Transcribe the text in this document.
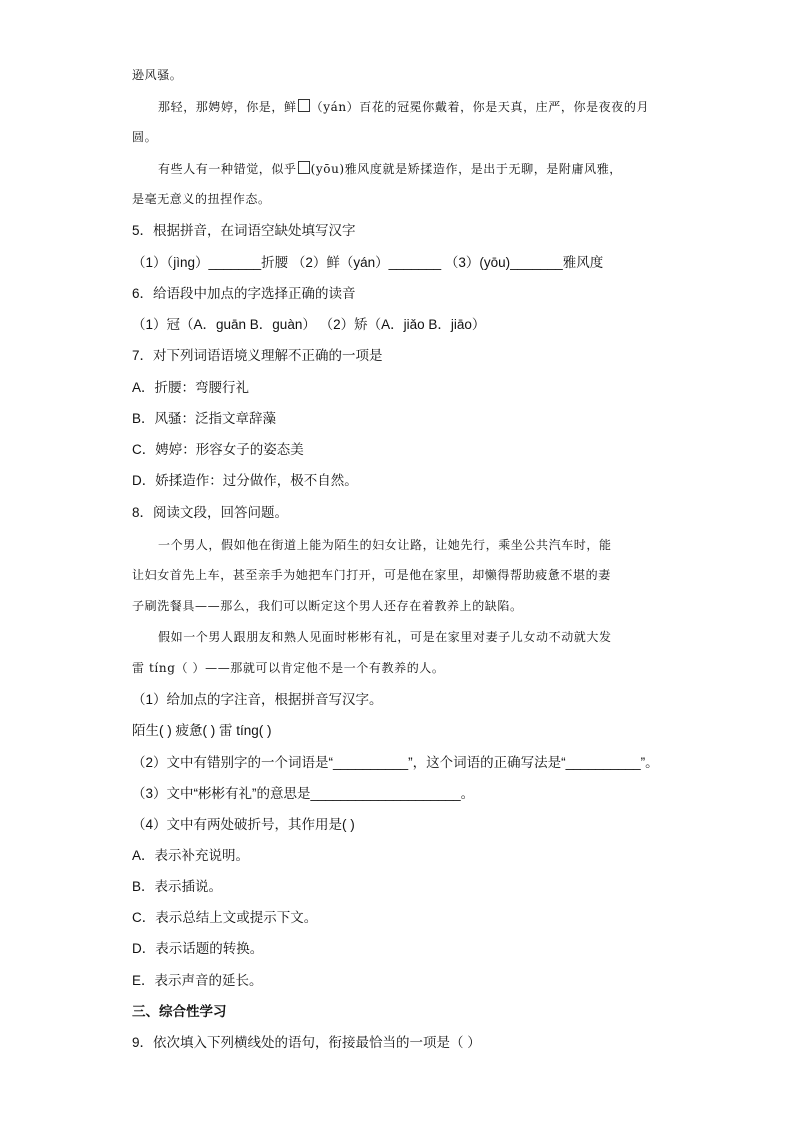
逊风骚。

那轻，那娉婷，你是，鲜 （yán）百花的冠冕你戴着，你是天真，庄严，你是夜夜的月

圆。

有些人有一种错觉，似乎 (yōu)雅风度就是矫揉造作，是出于无聊，是附庸风雅，

是毫无意义的扭捏作态。

5．根据拼音，在词语空缺处填写汉字

（1）（jìng）_______折腰 （2）鲜（yán）_______ （3）(yōu)_______雅风度

6．给语段中加点的字选择正确的读音

（1）冠（A．guān B．guàn） （2）矫（A．jiǎo B．jiāo）

7．对下列词语语境义理解不正确的一项是

A．折腰：弯腰行礼

B．风骚：泛指文章辞藻

C．娉婷：形容女子的姿态美

D．娇揉造作：过分做作，极不自然。

8．阅读文段，回答问题。

一个男人，假如他在街道上能为陌生的妇女让路，让她先行，乘坐公共汽车时，能

让妇女首先上车，甚至亲手为她把车门打开，可是他在家里，却懒得帮助疲惫不堪的妻

子刷洗餐具——那么，我们可以断定这个男人还存在着教养上的缺陷。

假如一个男人跟朋友和熟人见面时彬彬有礼，可是在家里对妻子儿女动不动就大发

雷 tíng（ ）——那就可以肯定他不是一个有教养的人。

（1）给加点的字注音，根据拼音写汉字。

陌生( ) 疲惫( ) 雷 tíng( )

（2）文中有错别字的一个词语是“__________”，这个词语的正确写法是“__________”。

（3）文中“彬彬有礼”的意思是____________________。

（4）文中有两处破折号，其作用是( )

A．表示补充说明。

B．表示插说。

C．表示总结上文或提示下文。

D．表示话题的转换。

E．表示声音的延长。

三、综合性学习

9．依次填入下列横线处的语句，衔接最恰当的一项是（ ）
